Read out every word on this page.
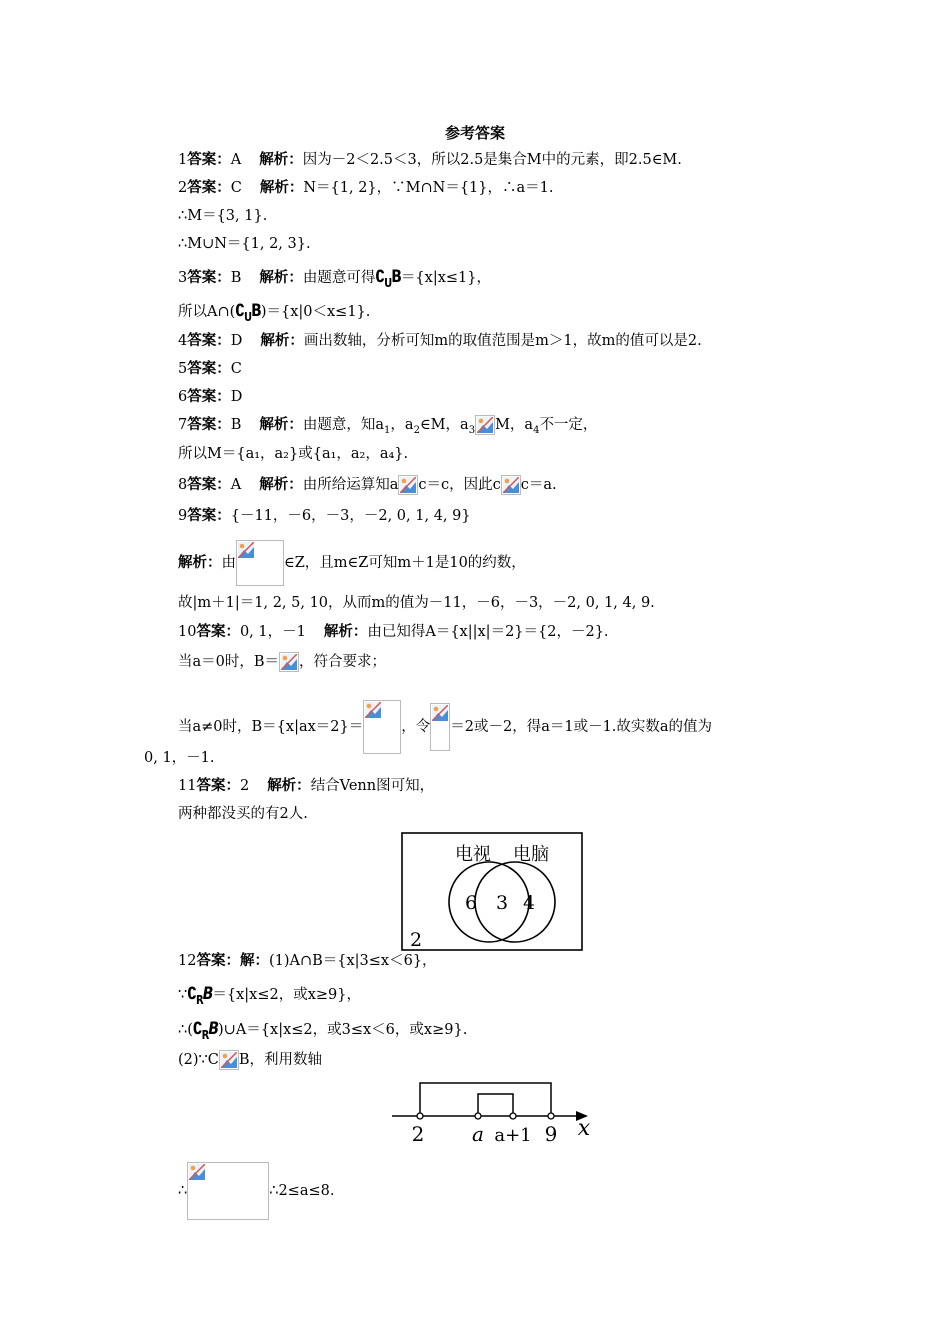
参考答案
1答案：A 解析：因为－2＜2.5＜3，所以2.5是集合M中的元素，即2.5∈M.
2答案：C 解析：N＝{1, 2}，∵M∩N＝{1}，∴a＝1.
∴M＝{3, 1}.
∴M∪N＝{1, 2, 3}.
3答案：B 解析：由题意可得$∁_UB=\{x|x\le 1\}$，
所以$A\cap(∁_UB)=\{x|0<x\le 1\}$.
4答案：D 解析：画出数轴，分析可知m的取值范围是m＞1，故m的值可以是2.
5答案：C
6答案：D
7答案：B 解析：由题意，知$a_1$，$a_2\in M$，$a_3$ M，$a_4$不一定，
所以M＝{a₁，a₂}或{a₁，a₂，a₄}.
8答案：A 解析：由所给运算知a c＝c，因此c c＝a.
9答案：{－11，－6，－3，－2, 0, 1, 4, 9}
解析：由	∈Z，且m∈Z可知m＋1是10的约数，
故|m＋1|＝1, 2, 5, 10，从而m的值为－11，－6，－3，－2, 0, 1, 4, 9.
10答案：0, 1，－1 解析：由已知得A＝{x||x|＝2}＝{2，－2}.
当a＝0时，B＝ ，符合要求；
当a≠0时，B＝{x|ax＝2}＝	，令 ＝2或－2，得a＝1或－1.故实数a的值为
0, 1，－1.
11答案：2 解析：结合Venn图可知，
两种都没买的有2人.
电视 电脑
6 3 4
2
12答案：解：(1)A∩B＝{x|3≤x＜6}，
$\because∁_RB=\{x|x\le 2$，或x≥9}，
$\therefore(∁_RB)\cup A=\{x|x\le 2$，或3≤x＜6，或x≥9}.
(2)∵C B，利用数轴
2 a a+1 9 x
∴	∴2≤a≤8.
